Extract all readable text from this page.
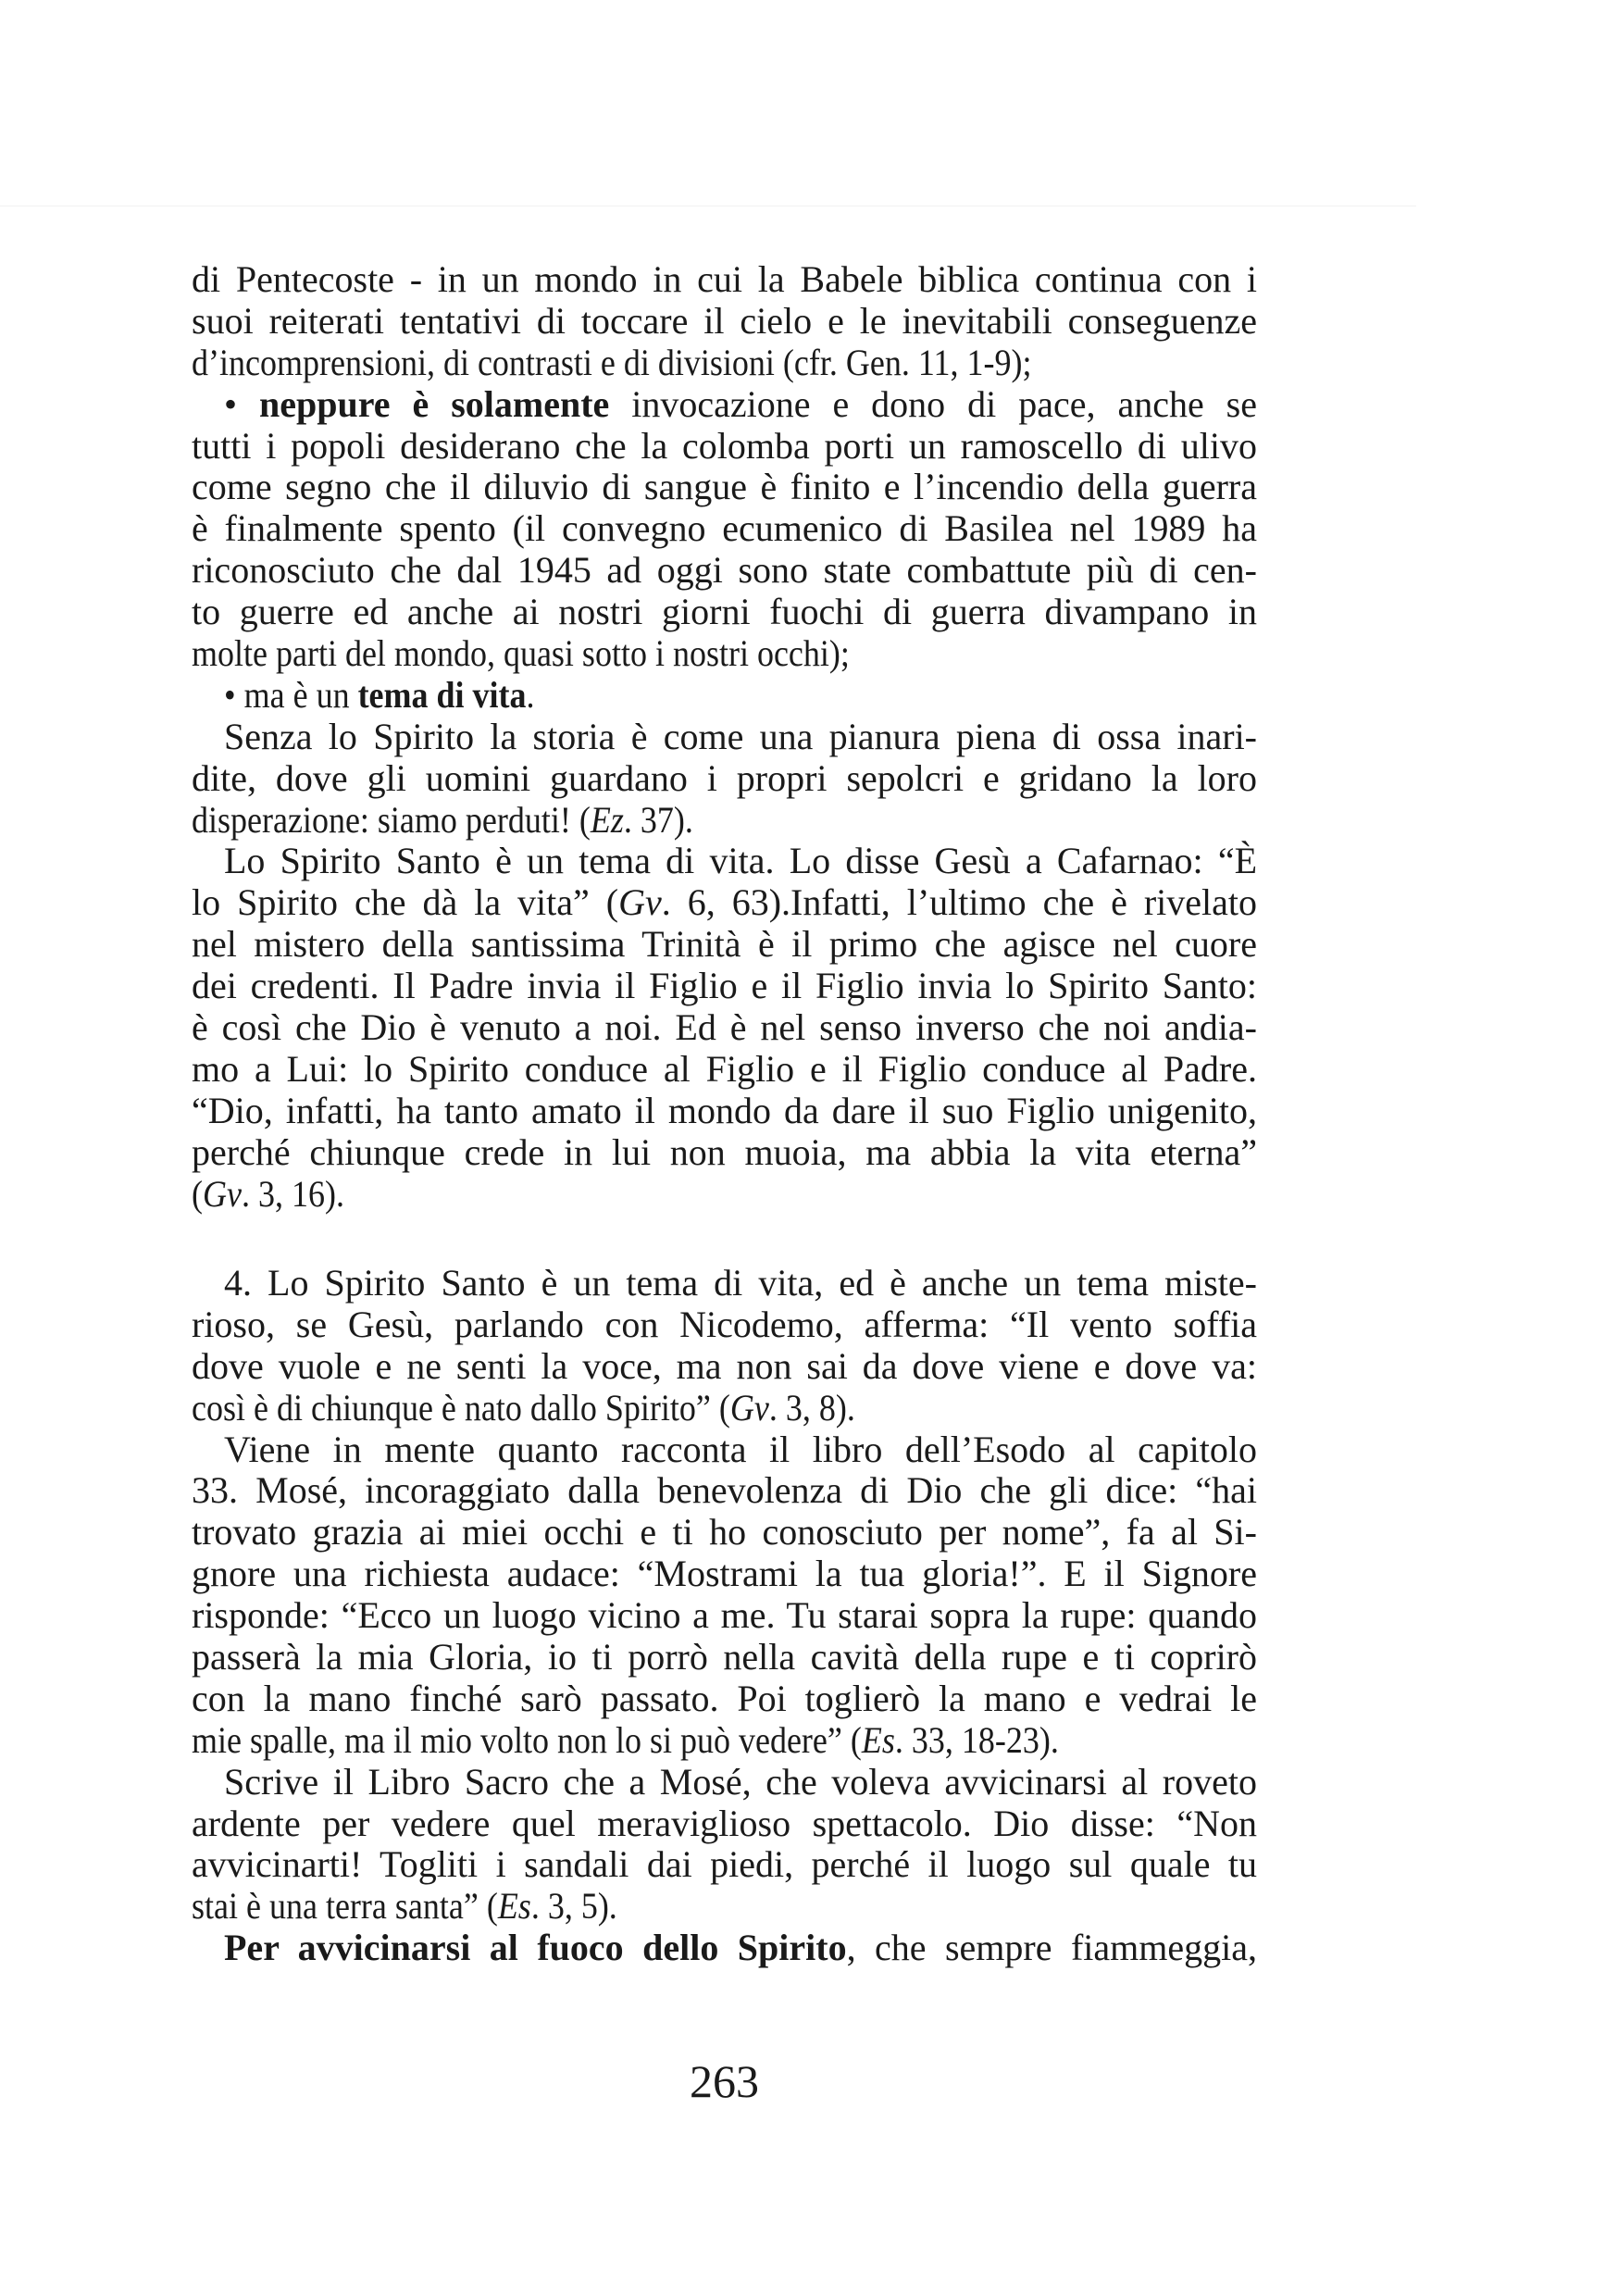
di Pentecoste - in un mondo in cui la Babele biblica continua con i
suoi reiterati tentativi di toccare il cielo e le inevitabili conseguenze
d’incomprensioni, di contrasti e di divisioni (cfr. Gen. 11, 1-9);
• neppure è solamente invocazione e dono di pace, anche se
tutti i popoli desiderano che la colomba porti un ramoscello di ulivo
come segno che il diluvio di sangue è finito e l’incendio della guerra
è finalmente spento (il convegno ecumenico di Basilea nel 1989 ha
riconosciuto che dal 1945 ad oggi sono state combattute più di cen-
to guerre ed anche ai nostri giorni fuochi di guerra divampano in
molte parti del mondo, quasi sotto i nostri occhi);
• ma è un tema di vita.
Senza lo Spirito la storia è come una pianura piena di ossa inari-
dite, dove gli uomini guardano i propri sepolcri e gridano la loro
disperazione: siamo perduti! (Ez. 37).
Lo Spirito Santo è un tema di vita. Lo disse Gesù a Cafarnao: “È
lo Spirito che dà la vita” (Gv. 6, 63).Infatti, l’ultimo che è rivelato
nel mistero della santissima Trinità è il primo che agisce nel cuore
dei credenti. Il Padre invia il Figlio e il Figlio invia lo Spirito Santo:
è così che Dio è venuto a noi. Ed è nel senso inverso che noi andia-
mo a Lui: lo Spirito conduce al Figlio e il Figlio conduce al Padre.
“Dio, infatti, ha tanto amato il mondo da dare il suo Figlio unigenito,
perché chiunque crede in lui non muoia, ma abbia la vita eterna”
(Gv. 3, 16).
4. Lo Spirito Santo è un tema di vita, ed è anche un tema miste-
rioso, se Gesù, parlando con Nicodemo, afferma: “Il vento soffia
dove vuole e ne senti la voce, ma non sai da dove viene e dove va:
così è di chiunque è nato dallo Spirito” (Gv. 3, 8).
Viene in mente quanto racconta il libro dell’Esodo al capitolo
33. Mosé, incoraggiato dalla benevolenza di Dio che gli dice: “hai
trovato grazia ai miei occhi e ti ho conosciuto per nome”, fa al Si-
gnore una richiesta audace: “Mostrami la tua gloria!”. E il Signore
risponde: “Ecco un luogo vicino a me. Tu starai sopra la rupe: quando
passerà la mia Gloria, io ti porrò nella cavità della rupe e ti coprirò
con la mano finché sarò passato. Poi toglierò la mano e vedrai le
mie spalle, ma il mio volto non lo si può vedere” (Es. 33, 18-23).
Scrive il Libro Sacro che a Mosé, che voleva avvicinarsi al roveto
ardente per vedere quel meraviglioso spettacolo. Dio disse: “Non
avvicinarti! Togliti i sandali dai piedi, perché il luogo sul quale tu
stai è una terra santa” (Es. 3, 5).
Per avvicinarsi al fuoco dello Spirito, che sempre fiammeggia,
263
